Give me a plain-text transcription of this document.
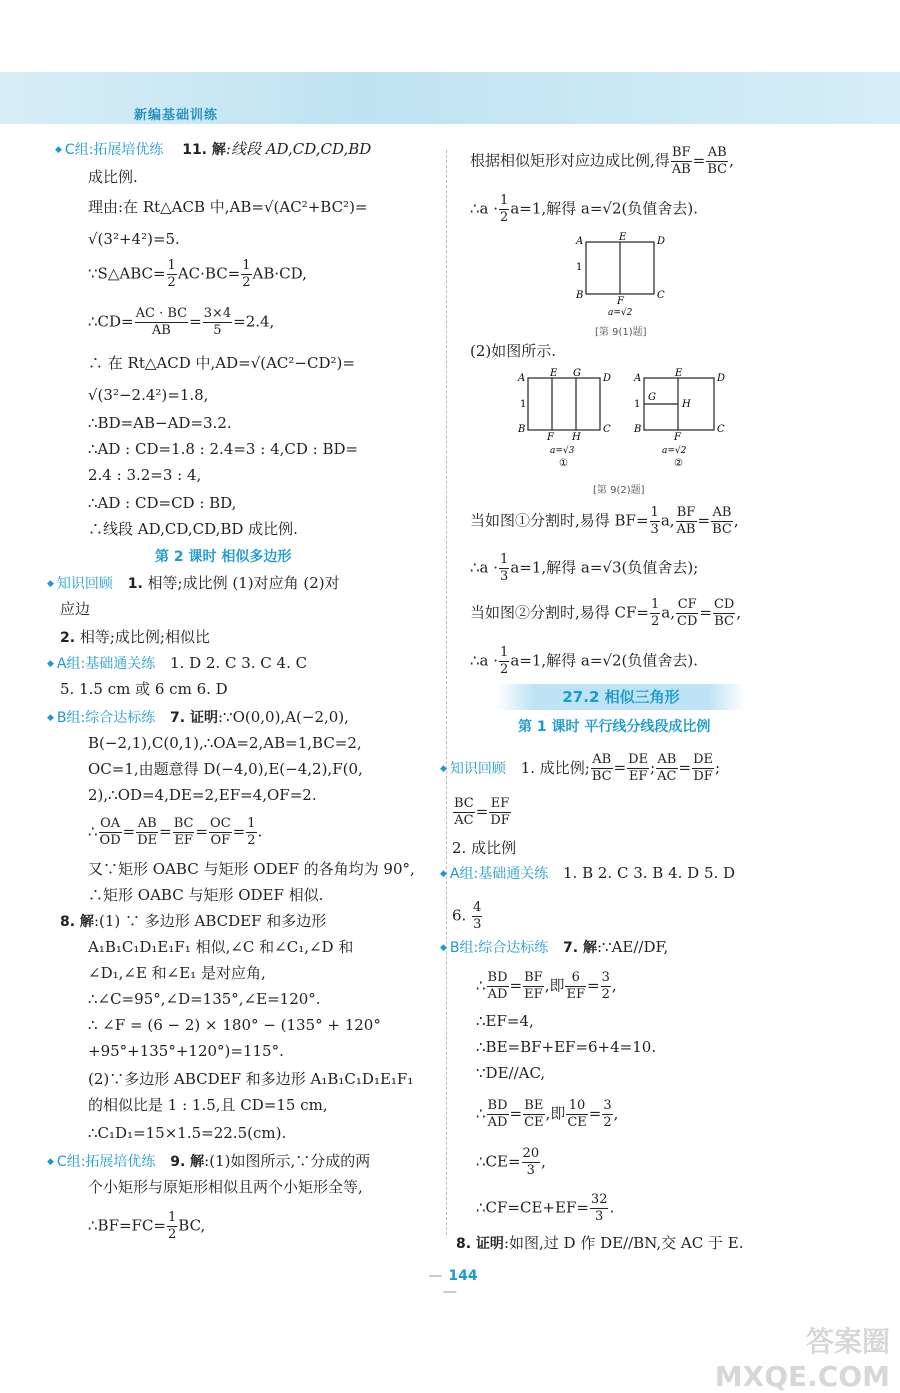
新编基础训练
◆ C组:拓展培优练 11. 解:线段 AD,CD,CD,BD
成比例.
理由:在 Rt△ACB 中,AB=√(AC²+BC²)=
√(3²+4²)=5.
∵S△ABC= $\frac{1}{2} AC\cdot BC= \frac{1}{2} AB\cdot CD$,
∴CD= $\frac{AC \cdot BC}{AB} = \frac{3\times 4}{5} =2.4$,
∴ 在 Rt△ACD 中,AD=√(AC²−CD²)=
√(3²−2.4²)=1.8,
∴BD=AB−AD=3.2.
∴AD : CD=1.8 : 2.4=3 : 4,CD : BD=
2.4 : 3.2=3 : 4,
∴AD : CD=CD : BD,
∴线段 AD,CD,CD,BD 成比例.
第 2 课时 相似多边形
◆ 知识回顾 1. 相等;成比例 (1)对应角 (2)对
应边
2. 相等;成比例;相似比
◆ A组:基础通关练 1. D 2. C 3. C 4. C
5. 1.5 cm 或 6 cm 6. D
◆ B组:综合达标练 7. 证明:∵O(0,0),A(−2,0),
B(−2,1),C(0,1),∴OA=2,AB=1,BC=2,
OC=1,由题意得 D(−4,0),E(−4,2),F(0,
2),∴OD=4,DE=2,EF=4,OF=2.
∴ $\frac{OA}{OD} = \frac{AB}{DE} = \frac{BC}{EF} = \frac{OC}{OF} = \frac{1}{2}$ .
又∵矩形 OABC 与矩形 ODEF 的各角均为 90°,
∴矩形 OABC 与矩形 ODEF 相似.
8. 解:(1) ∵ 多边形 ABCDEF 和多边形
A₁B₁C₁D₁E₁F₁ 相似,∠C 和∠C₁,∠D 和
∠D₁,∠E 和∠E₁ 是对应角,
∴∠C=95°,∠D=135°,∠E=120°.
∴ ∠F = (6 − 2) × 180° − (135° + 120°
+95°+135°+120°)=115°.
(2)∵多边形 ABCDEF 和多边形 A₁B₁C₁D₁E₁F₁
的相似比是 1 : 1.5,且 CD=15 cm,
∴C₁D₁=15×1.5=22.5(cm).
◆ C组:拓展培优练 9. 解:(1)如图所示,∵分成的两
个小矩形与原矩形相似且两个小矩形全等,
∴BF=FC= $\frac{1}{2}$ BC,
根据相似矩形对应边成比例,得 $\frac{BF}{AB} = \frac{AB}{BC}$ ,
∴a · $\frac{1}{2} a=1$,解得 a=√2(负值舍去).
A	E	D
1
B
F
C
a=√2
[第 9(1)题]
(2)如图所示.
A E G D
1
B
F H
C
a=√3
①
A	E	D
1
G
H
B
F
C
a=√2
②
[第 9(2)题]
当如图①分割时,易得 $BF= \frac{1}{3} a$, $\frac{BF}{AB} = \frac{AB}{BC}$ ,
∴a · $\frac{1}{3} a=1$,解得 a=√3(负值舍去);
当如图②分割时,易得 $CF= \frac{1}{2} a$, $\frac{CF}{CD} = \frac{CD}{BC}$ ,
∴a · $\frac{1}{2} a=1$,解得 a=√2(负值舍去).
27.2 相似三角形
第 1 课时 平行线分线段成比例
◆ 知识回顾 1. 成比例; $\frac{AB}{BC} = \frac{DE}{EF}$ ; $\frac{AB}{AC} = \frac{DE}{DF}$ ;
$\frac{BC}{AC} = \frac{EF}{DF}$
2. 成比例
◆ A组:基础通关练 1. B 2. C 3. B 4. D 5. D
6. $\frac{4}{3}$
◆ B组:综合达标练 7. 解:∵AE//DF,
∴ $\frac{BD}{AD} = \frac{BF}{EF}$ ,即 $\frac{6}{EF} = \frac{3}{2}$ ,
∴EF=4,
∴BE=BF+EF=6+4=10.
∵DE//AC,
∴ $\frac{BD}{AD} = \frac{BE}{CE}$ ,即 $\frac{10}{CE} = \frac{3}{2}$ ,
∴CE= $\frac{20}{3}$ ,
∴CF=CE+EF= $\frac{32}{3}$ .
8. 证明:如图,过 D 作 DE//BN,交 AC 于 E.
— 144 —
答案圈 MXQE.COM
